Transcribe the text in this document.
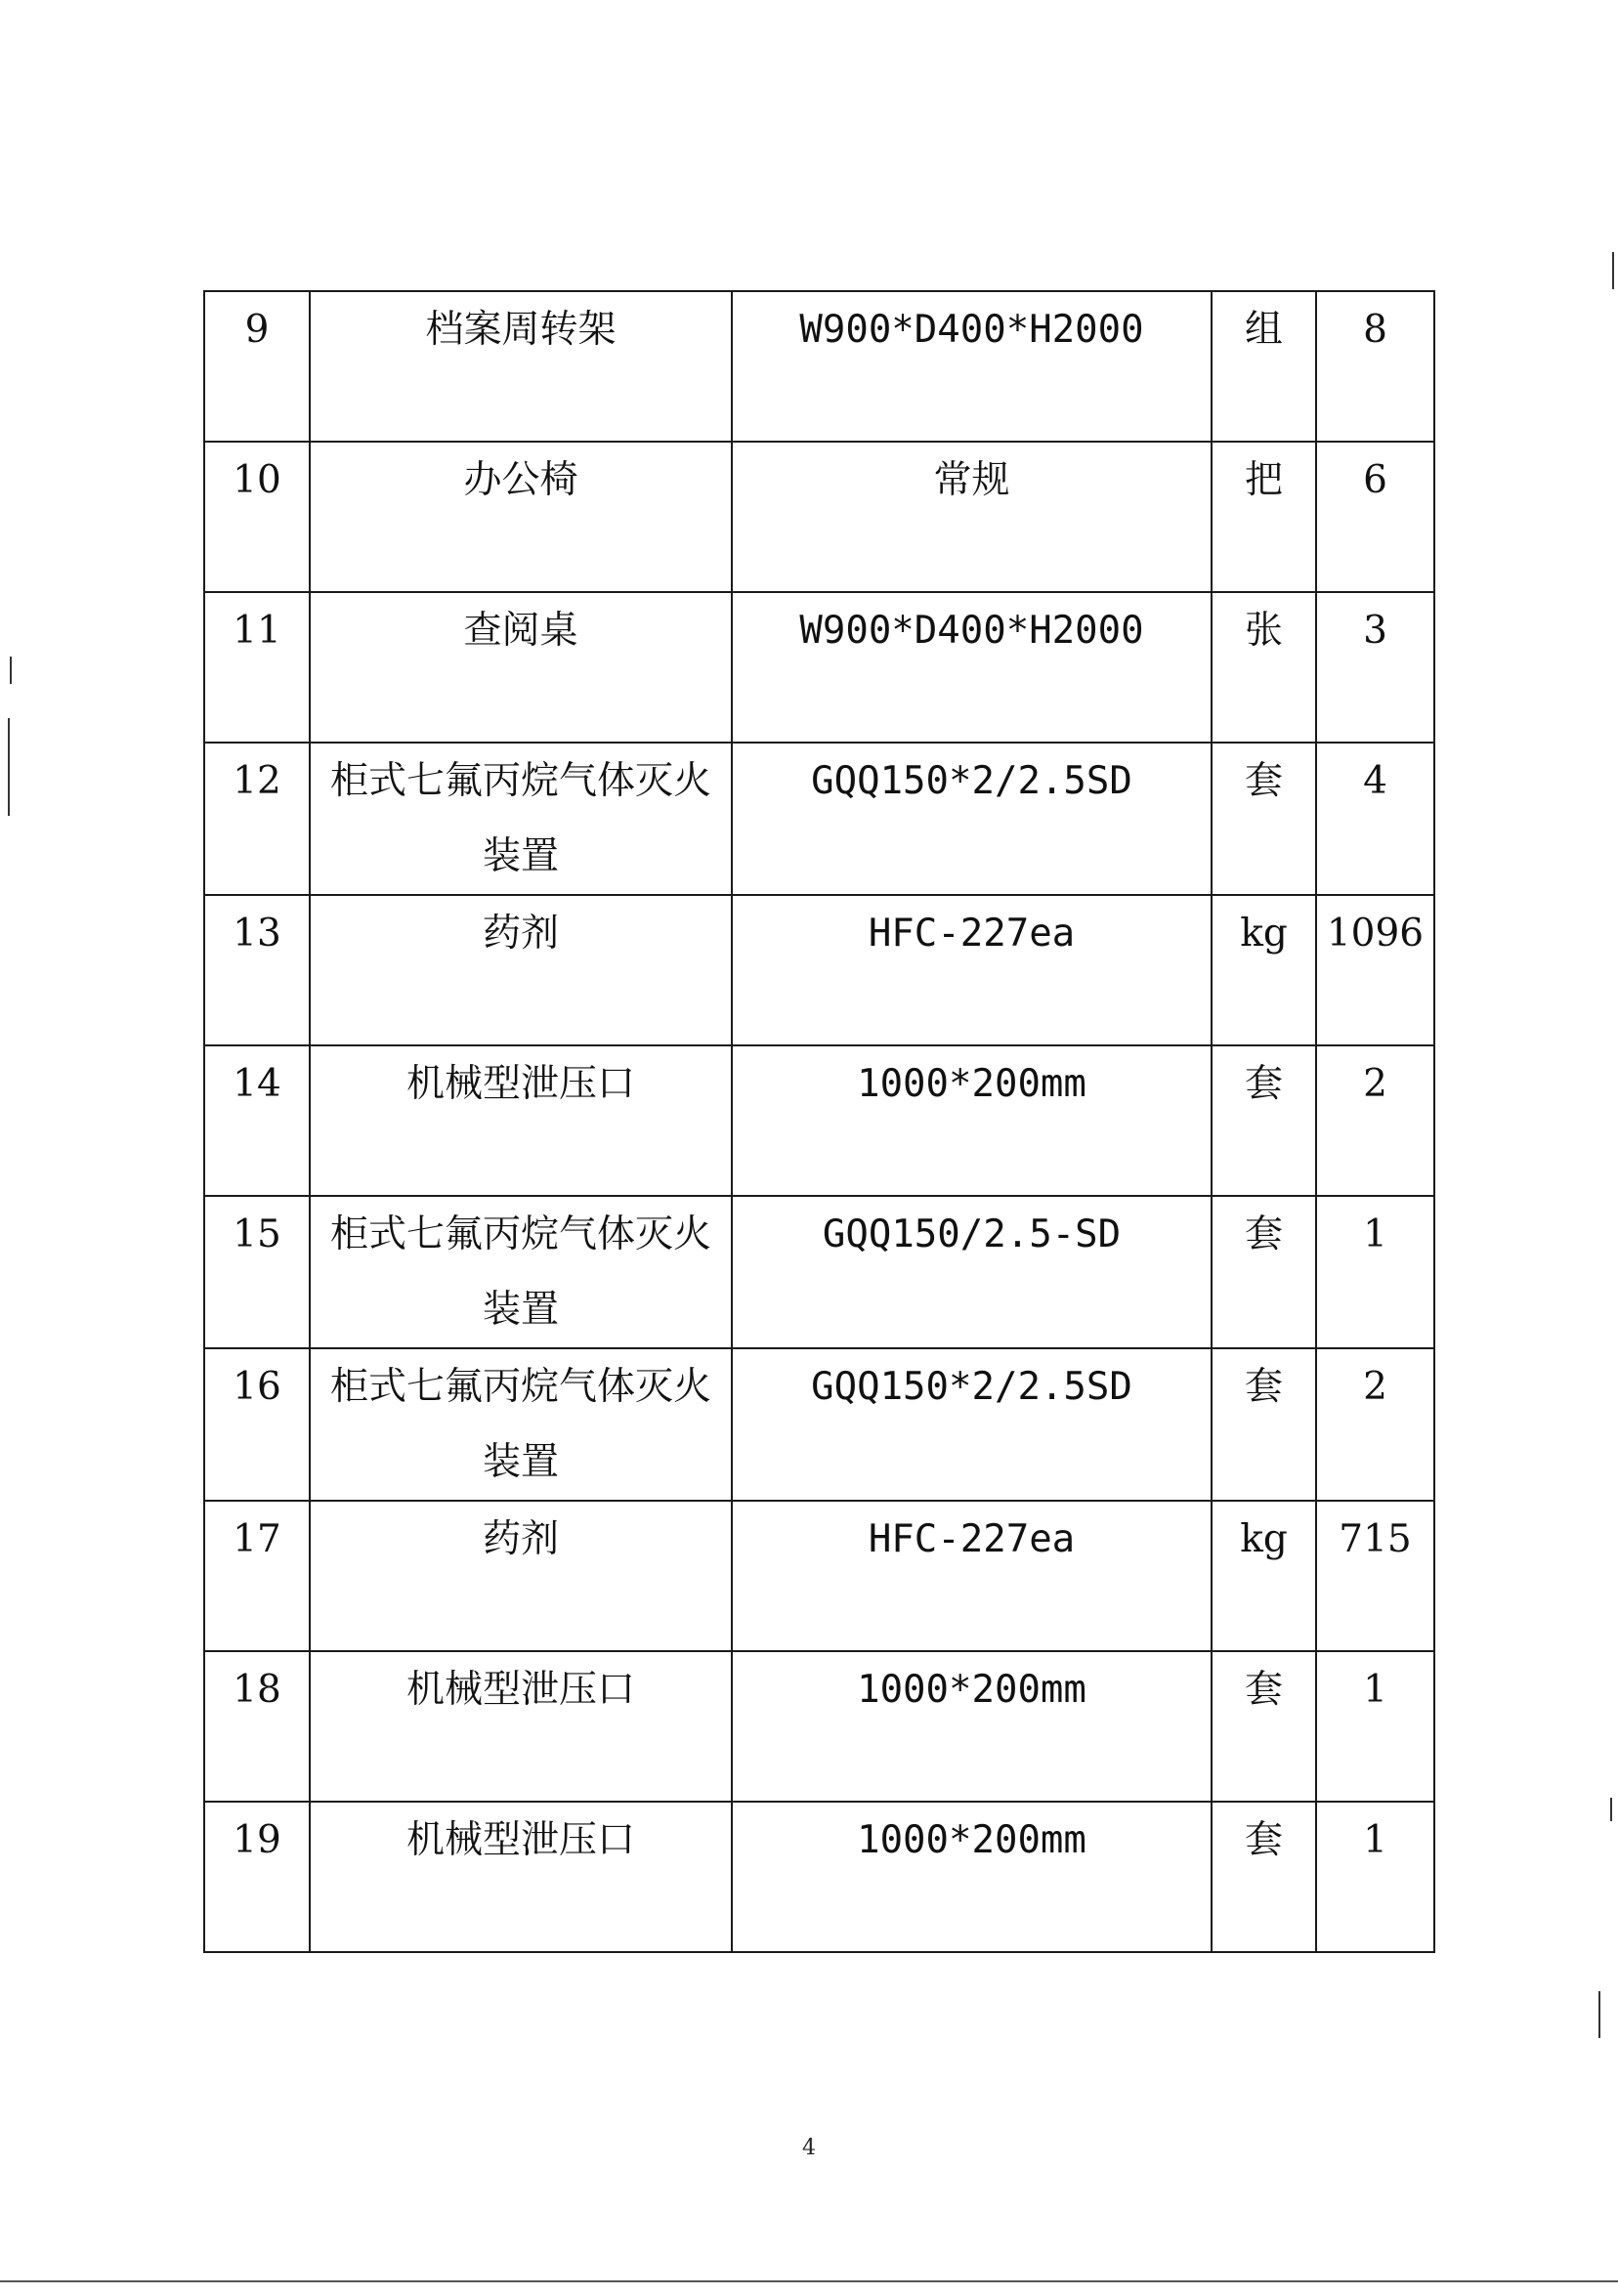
9	档案周转架	W900*D400*H2000	组	8
10	办公椅	常规	把	6
11	查阅桌	W900*D400*H2000	张	3
12	柜式七氟丙烷气体灭火装置	GQQ150*2/2.5SD	套	4
13	药剂	HFC-227ea	kg	1096
14	机械型泄压口	1000*200mm	套	2
15	柜式七氟丙烷气体灭火装置	GQQ150/2.5-SD	套	1
16	柜式七氟丙烷气体灭火装置	GQQ150*2/2.5SD	套	2
17	药剂	HFC-227ea	kg	715
18	机械型泄压口	1000*200mm	套	1
19	机械型泄压口	1000*200mm	套	1
4
